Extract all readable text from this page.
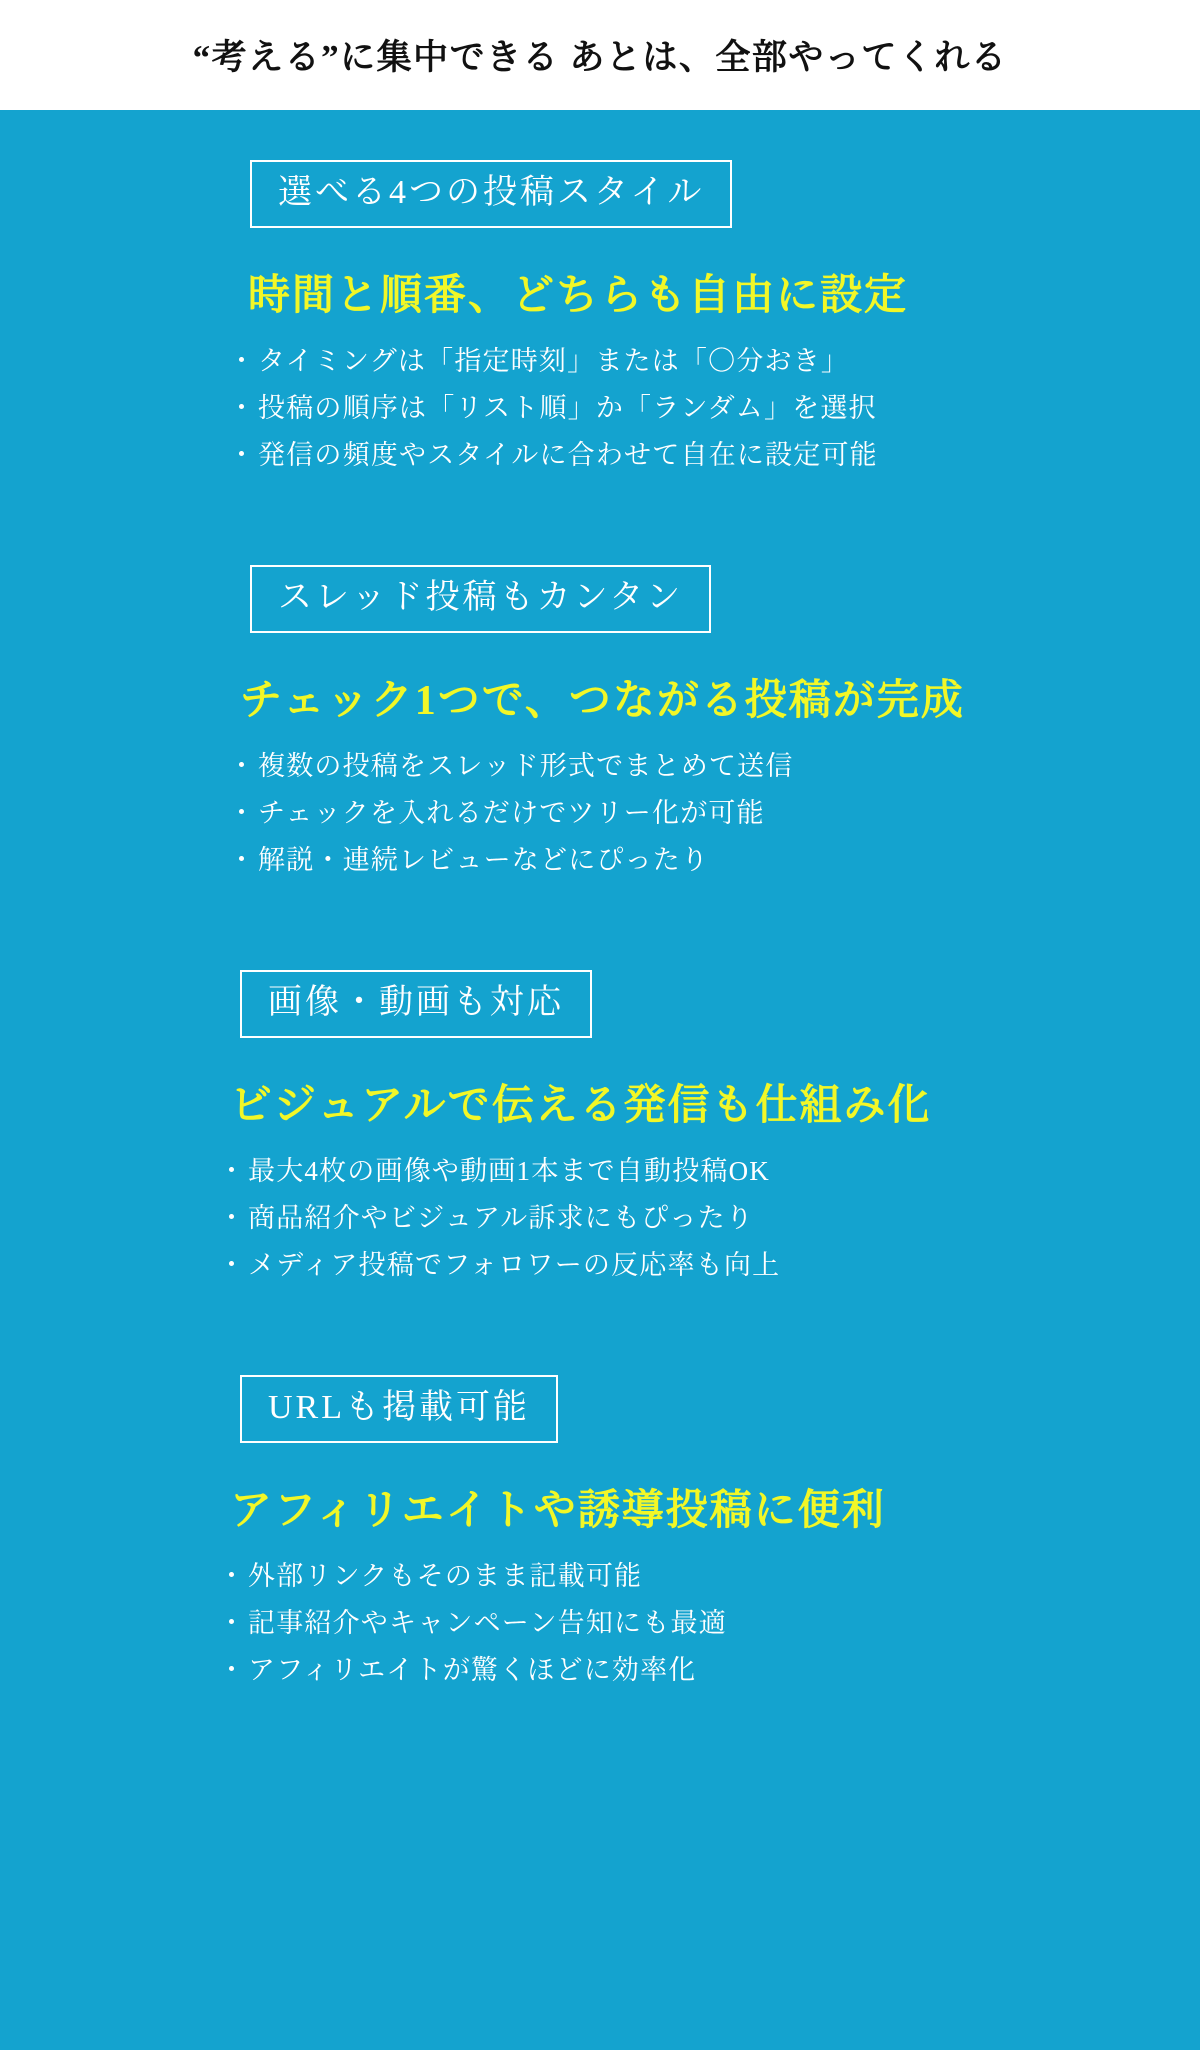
“考える”に集中できる あとは、全部やってくれる
選べる4つの投稿スタイル
時間と順番、どちらも自由に設定
・ タイミングは「指定時刻」または「〇分おき」
・ 投稿の順序は「リスト順」か「ランダム」を選択
・ 発信の頻度やスタイルに合わせて自在に設定可能
スレッド投稿もカンタン
チェック1つで、つながる投稿が完成
・ 複数の投稿をスレッド形式でまとめて送信
・ チェックを入れるだけでツリー化が可能
・ 解説・連続レビューなどにぴったり
画像・動画も対応
ビジュアルで伝える発信も仕組み化
・ 最大4枚の画像や動画1本まで自動投稿OK
・ 商品紹介やビジュアル訴求にもぴったり
・ メディア投稿でフォロワーの反応率も向上
URLも掲載可能
アフィリエイトや誘導投稿に便利
・ 外部リンクもそのまま記載可能
・ 記事紹介やキャンペーン告知にも最適
・ アフィリエイトが驚くほどに効率化
